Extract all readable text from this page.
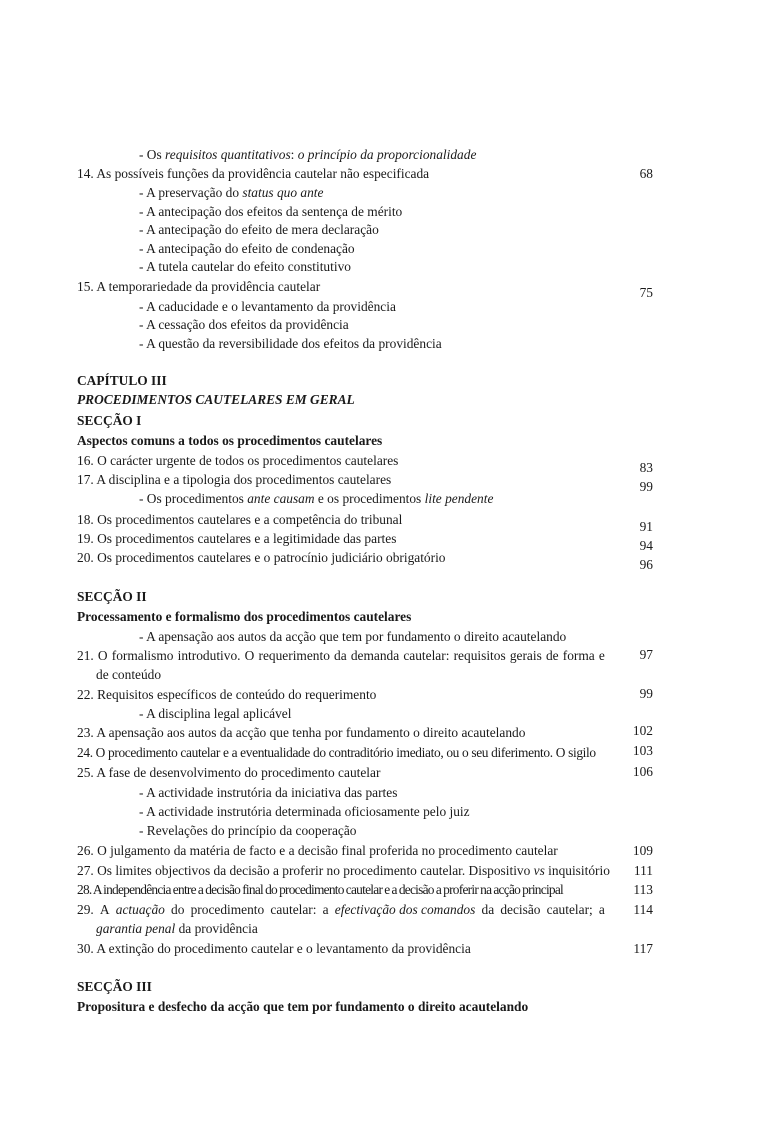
- Os requisitos quantitativos: o princípio da proporcionalidade
14. As possíveis funções da providência cautelar não especificada	68
- A preservação do status quo ante
- A antecipação dos efeitos da sentença de mérito
- A antecipação do efeito de mera declaração
- A antecipação do efeito de condenação
- A tutela cautelar do efeito constitutivo
15. A temporariedade da providência cautelar	75
- A caducidade e o levantamento da providência
- A cessação dos efeitos da providência
- A questão da reversibilidade dos efeitos da providência
CAPÍTULO III
PROCEDIMENTOS CAUTELARES EM GERAL
SECÇÃO I
Aspectos comuns a todos os procedimentos cautelares
16. O carácter urgente de todos os procedimentos cautelares	83
17. A disciplina e a tipologia dos procedimentos cautelares	99
- Os procedimentos ante causam e os procedimentos lite pendente
18. Os procedimentos cautelares e a competência do tribunal	91
19. Os procedimentos cautelares e a legitimidade das partes	94
20. Os procedimentos cautelares e o patrocínio judiciário obrigatório	96
SECÇÃO II
Processamento e formalismo dos procedimentos cautelares
- A apensação aos autos da acção que tem por fundamento o direito acautelando
21. O formalismo introdutivo. O requerimento da demanda cautelar: requisitos gerais de forma e	97
de conteúdo
22. Requisitos específicos de conteúdo do requerimento	99
- A disciplina legal aplicável
23. A apensação aos autos da acção que tenha por fundamento o direito acautelando	102
24. O procedimento cautelar e a eventualidade do contraditório imediato, ou o seu diferimento. O sigilo	103
25. A fase de desenvolvimento do procedimento cautelar	106
- A actividade instrutória da iniciativa das partes
- A actividade instrutória determinada oficiosamente pelo juiz
- Revelações do princípio da cooperação
26. O julgamento da matéria de facto e a decisão final proferida no procedimento cautelar	109
27. Os limites objectivos da decisão a proferir no procedimento cautelar. Dispositivo vs inquisitório	111
28. A independência entre a decisão final do procedimento cautelar e a decisão a proferir na acção principal	113
29. A actuação do procedimento cautelar: a efectivação dos comandos da decisão cautelar; a	114
garantia penal da providência
30. A extinção do procedimento cautelar e o levantamento da providência	117
SECÇÃO III
Propositura e desfecho da acção que tem por fundamento o direito acautelando
